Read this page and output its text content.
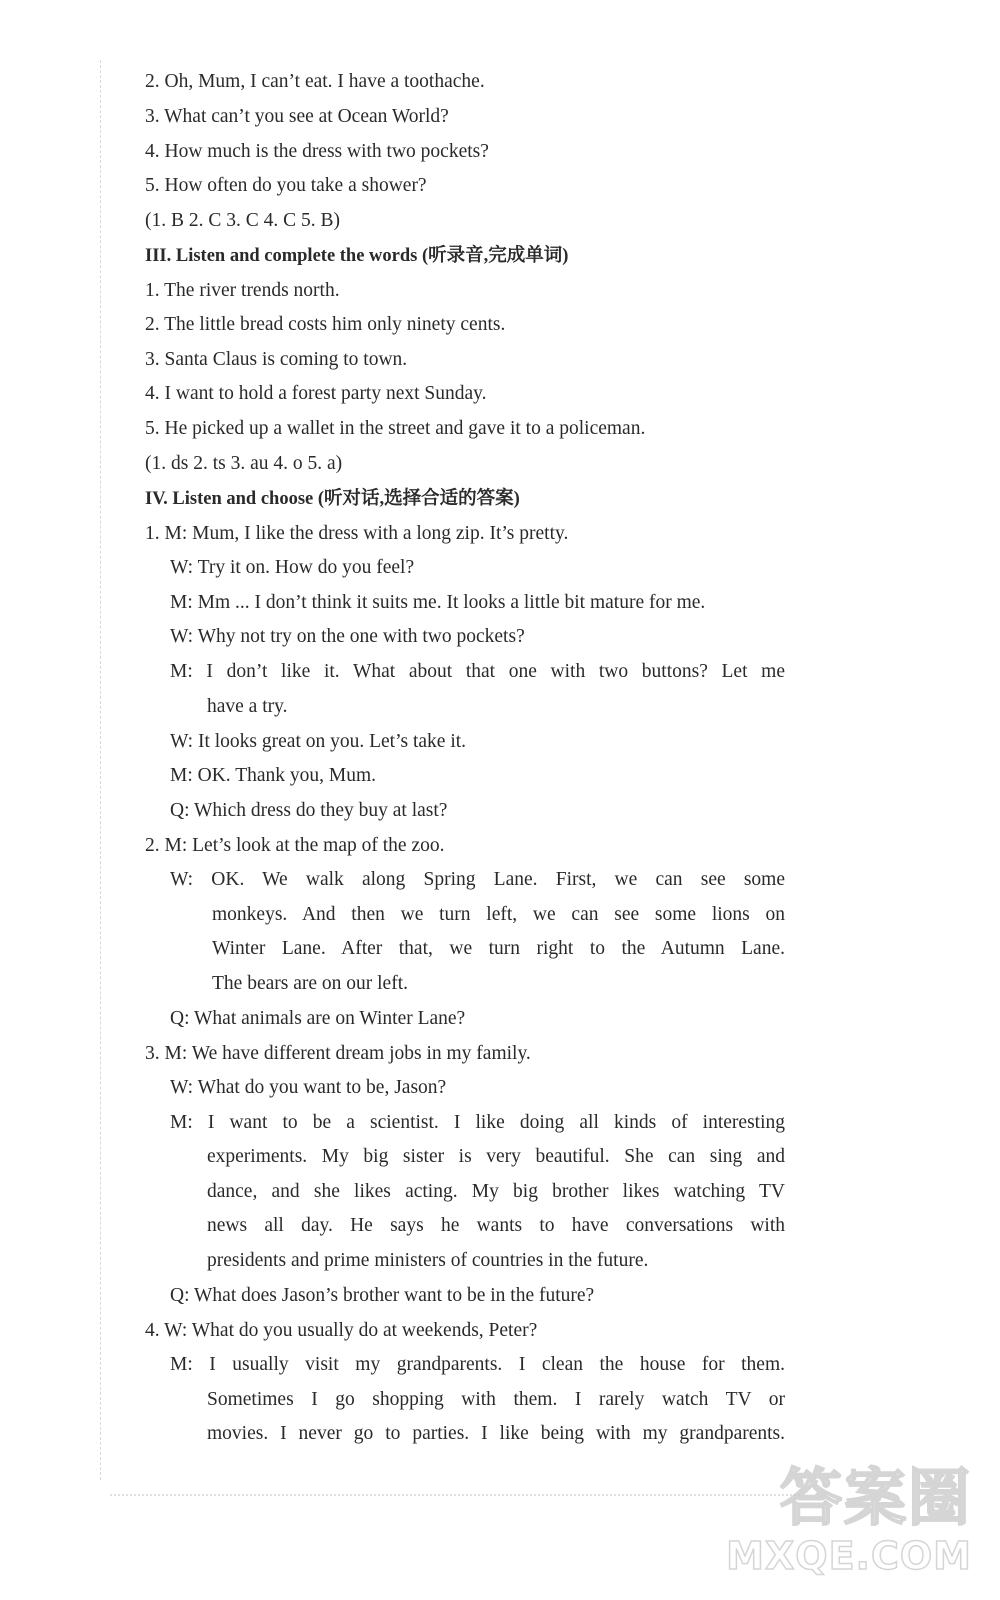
2. Oh, Mum, I can’t eat. I have a toothache.
3. What can’t you see at Ocean World?
4. How much is the dress with two pockets?
5. How often do you take a shower?
(1. B 2. C 3. C 4. C 5. B)
III. Listen and complete the words (听录音,完成单词)
1. The river trends north.
2. The little bread costs him only ninety cents.
3. Santa Claus is coming to town.
4. I want to hold a forest party next Sunday.
5. He picked up a wallet in the street and gave it to a policeman.
(1. ds 2. ts 3. au 4. o 5. a)
IV. Listen and choose (听对话,选择合适的答案)
1. M: Mum, I like the dress with a long zip. It’s pretty.
W: Try it on. How do you feel?
M: Mm ... I don’t think it suits me. It looks a little bit mature for me.
W: Why not try on the one with two pockets?
M: I don’t like it. What about that one with two buttons? Let me
have a try.
W: It looks great on you. Let’s take it.
M: OK. Thank you, Mum.
Q: Which dress do they buy at last?
2. M: Let’s look at the map of the zoo.
W: OK. We walk along Spring Lane. First, we can see some
monkeys. And then we turn left, we can see some lions on
Winter Lane. After that, we turn right to the Autumn Lane.
The bears are on our left.
Q: What animals are on Winter Lane?
3. M: We have different dream jobs in my family.
W: What do you want to be, Jason?
M: I want to be a scientist. I like doing all kinds of interesting
experiments. My big sister is very beautiful. She can sing and
dance, and she likes acting. My big brother likes watching TV
news all day. He says he wants to have conversations with
presidents and prime ministers of countries in the future.
Q: What does Jason’s brother want to be in the future?
4. W: What do you usually do at weekends, Peter?
M: I usually visit my grandparents. I clean the house for them.
Sometimes I go shopping with them. I rarely watch TV or
movies. I never go to parties. I like being with my grandparents.
答案圈
MXQE.COM
